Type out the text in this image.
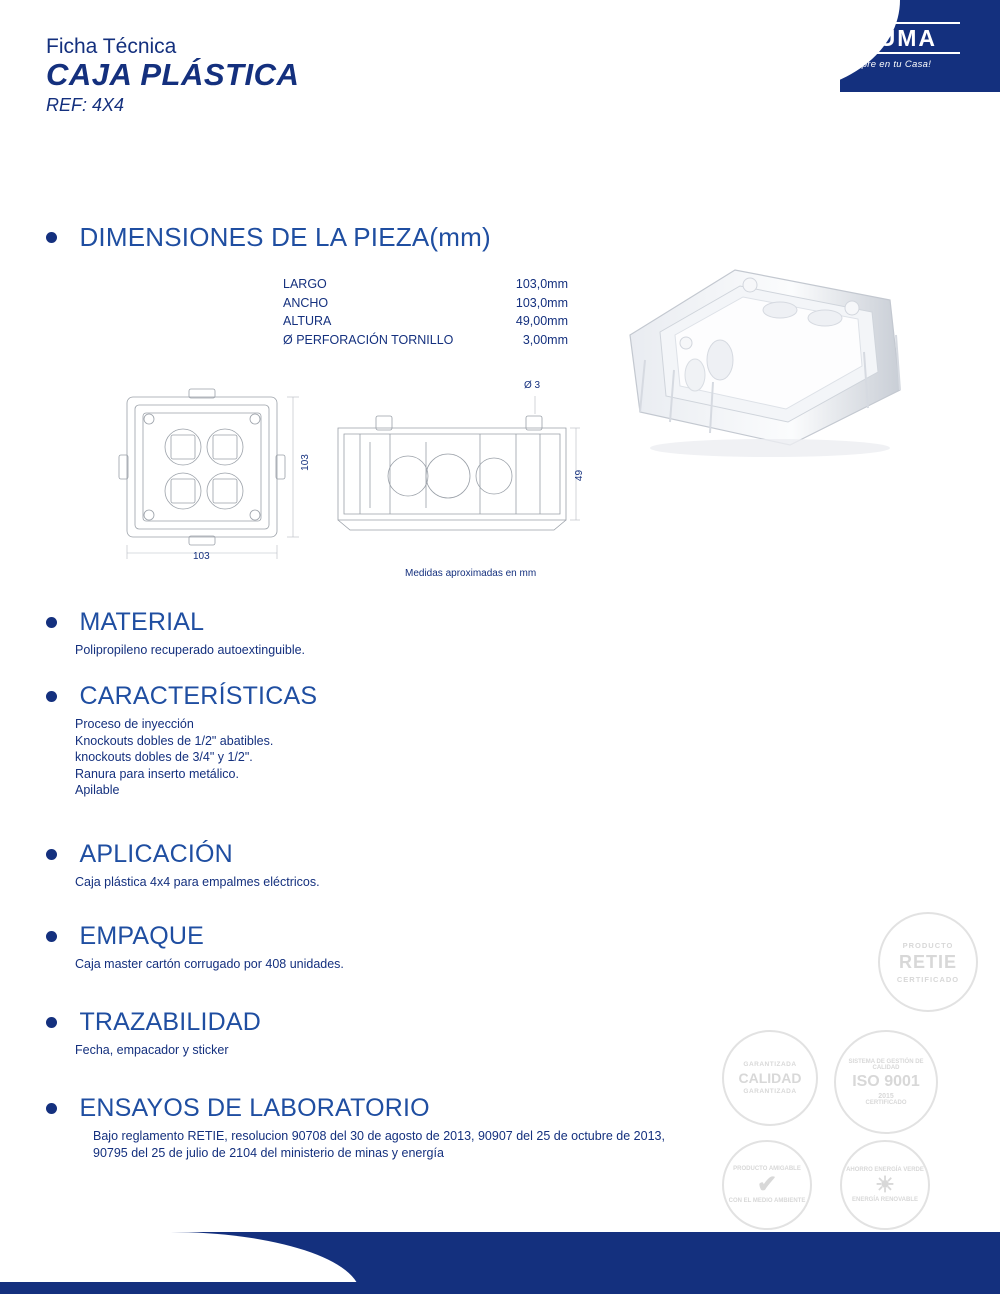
INDUMA
Siempre en tu Casa!
Ficha Técnica
CAJA PLÁSTICA
REF: 4X4
DIMENSIONES DE LA PIEZA(mm)
LARGO	103,0mm
ANCHO	103,0mm
ALTURA	49,00mm
Ø PERFORACIÓN TORNILLO	3,00mm
103
103
Ø 3
49
Medidas aproximadas en mm
MATERIAL
Polipropileno recuperado autoextinguible.
CARACTERÍSTICAS
Proceso de inyección
Knockouts dobles de 1/2" abatibles.
knockouts dobles de 3/4" y 1/2".
Ranura para inserto metálico.
Apilable
APLICACIÓN
Caja plástica 4x4 para empalmes eléctricos.
EMPAQUE
Caja master cartón corrugado por 408 unidades.
TRAZABILIDAD
Fecha, empacador y sticker
ENSAYOS DE LABORATORIO
Bajo reglamento RETIE, resolucion 90708 del 30 de agosto de 2013, 90907 del 25 de octubre de 2013,
90795 del 25 de julio de 2104 del ministerio de minas y energía
PRODUCTO
RETIE
CERTIFICADO
GARANTIZADA
CALIDAD
GARANTIZADA
SISTEMA DE GESTIÓN DE CALIDAD
ISO 9001
2015
CERTIFICADO
PRODUCTO AMIGABLE
✔
CON EL MEDIO AMBIENTE
AHORRO ENERGÍA VERDE
☀
ENERGÍA RENOVABLE
